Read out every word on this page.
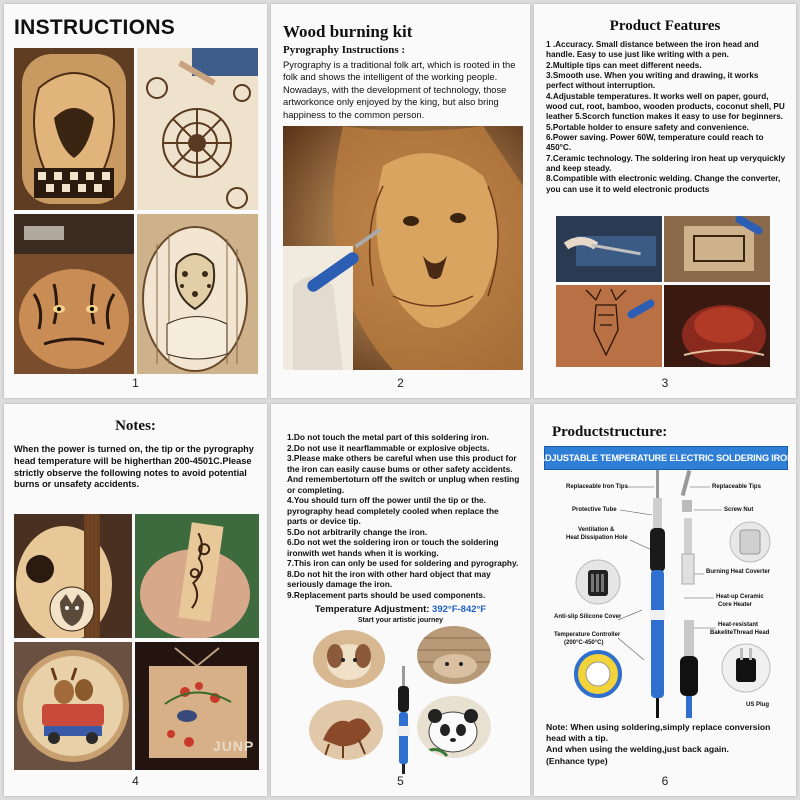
INSTRUCTIONS
1
Wood burning kit
Pyrography Instructions :
Pyrography is a traditional folk art, which is rooted in the folk and shows the intelligent of the working people. Nowadays, with the development of technology, those artworkonce only enjoyed by the king, but also bring happiness to the common person.
2
Product Features
1 .Accuracy. Small distance between the iron head and handle. Easy to use just like writing with a pen.
2.Multiple tips can meet different needs.
3.Smooth use. When you writing and drawing, it works perfect without interruption.
4.Adjustable temperatures. It works well on paper, gourd, wood cut, root, bamboo, wooden products, coconut shell, PU leather 5.Scorch function makes it easy to use for beginners.
5.Portable holder to ensure safety and convenience.
6.Power saving. Power 60W, temperature could reach to 450°C.
7.Ceramic technology. The soldering iron heat up veryquickly and keep steady.
8.Compatible with electronic welding. Change the converter, you can use it to weld electronic products
3
Notes:
When the power is turned on, the tip or the pyrography head temperature will be higherthan 200-4501C.Please strictly observe the following notes to avoid potential burns or unsafety accidents.
JUNP
4
1.Do not touch the metal part of this soldering iron.
2.Do not use it nearflammable or explosive objects.
3.Please make others be careful when use this product for the iron can easily cause bums or other safety accidents. And remembertoturn off the switch or unplug when resting or completing.
4.You should turn off the power until the tip or the. pyrography head completely cooled when replace the parts or device tip.
5.Do not arbitrarily change the iron.
6.Do not wet the soldering iron or touch the soldering ironwith wet hands when it is working.
7.This iron can only be used for soldering and pyrography.
8.Do not hit the iron with other hard object that may seriously damage the iron.
9.Replacement parts should be used components.
Temperature Adjustment: 392°F-842°F
Start your artistic journey
5
Productstructure:
ADJUSTABLE TEMPERATURE ELECTRIC SOLDERING IRON
Replaceable Iron Tips
Protective Tube
Ventilation &
Heat Dissipation Hole
Anti-slip Silicone Cover
Temperature Controller
(200°C-450°C)
Replaceable Tips
Screw Nut
Burning Heat Coverter
Heat-up Ceramic
Core Heater
Heat-resistant
BakeliteThread Head
US Plug
Note: When using soldering,simply replace conversion head with a tip.
And when using the welding,just back again.
(Enhance type)
6
